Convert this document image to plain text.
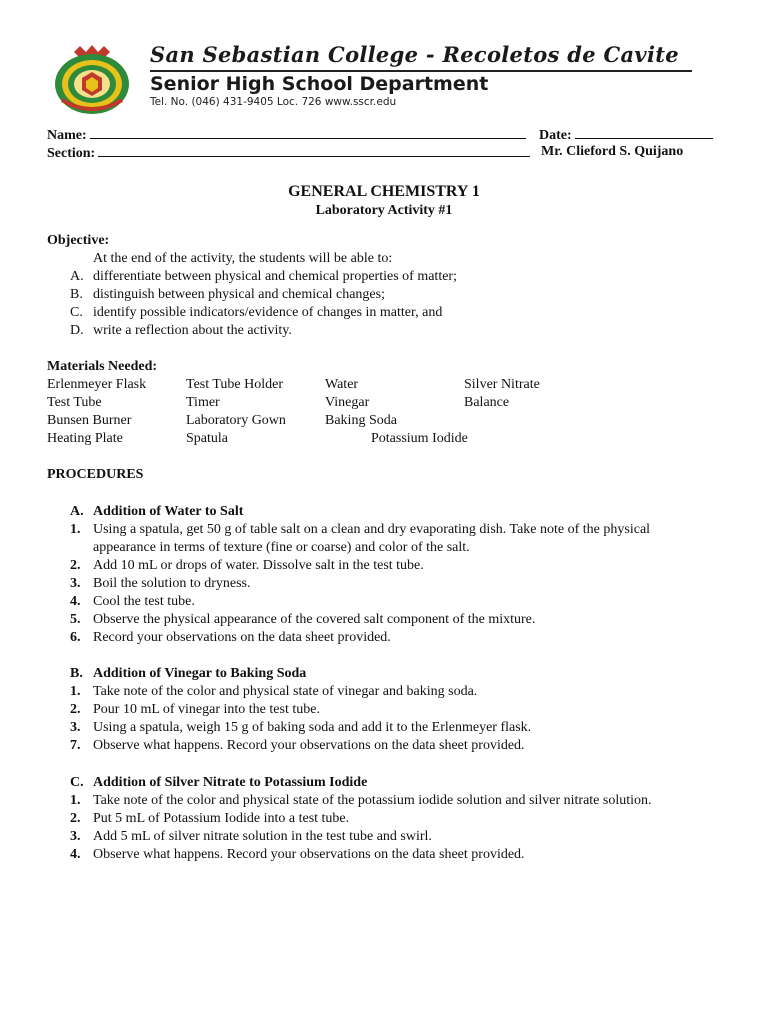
San Sebastian College - Recoletos de Cavite
Senior High School Department
Tel. No. (046) 431-9405 Loc. 726 www.sscr.edu
Name:	Date:
Section:	Mr. Clieford S. Quijano
GENERAL CHEMISTRY 1
Laboratory Activity #1
Objective:
At the end of the activity, the students will be able to:
A. differentiate between physical and chemical properties of matter;
B. distinguish between physical and chemical changes;
C. identify possible indicators/evidence of changes in matter, and
D. write a reflection about the activity.
Materials Needed:
Erlenmeyer Flask	Test Tube Holder	Water	Silver Nitrate
Test Tube	Timer	Vinegar	Balance
Bunsen Burner	Laboratory Gown	Baking Soda
Heating Plate	Spatula	Potassium Iodide
PROCEDURES
A. Addition of Water to Salt
1. Using a spatula, get 50 g of table salt on a clean and dry evaporating dish. Take note of the physical
appearance in terms of texture (fine or coarse) and color of the salt.
2. Add 10 mL or drops of water. Dissolve salt in the test tube.
3. Boil the solution to dryness.
4. Cool the test tube.
5. Observe the physical appearance of the covered salt component of the mixture.
6. Record your observations on the data sheet provided.
B. Addition of Vinegar to Baking Soda
1. Take note of the color and physical state of vinegar and baking soda.
2. Pour 10 mL of vinegar into the test tube.
3. Using a spatula, weigh 15 g of baking soda and add it to the Erlenmeyer flask.
7. Observe what happens. Record your observations on the data sheet provided.
C. Addition of Silver Nitrate to Potassium Iodide
1. Take note of the color and physical state of the potassium iodide solution and silver nitrate solution.
2. Put 5 mL of Potassium Iodide into a test tube.
3. Add 5 mL of silver nitrate solution in the test tube and swirl.
4. Observe what happens. Record your observations on the data sheet provided.
